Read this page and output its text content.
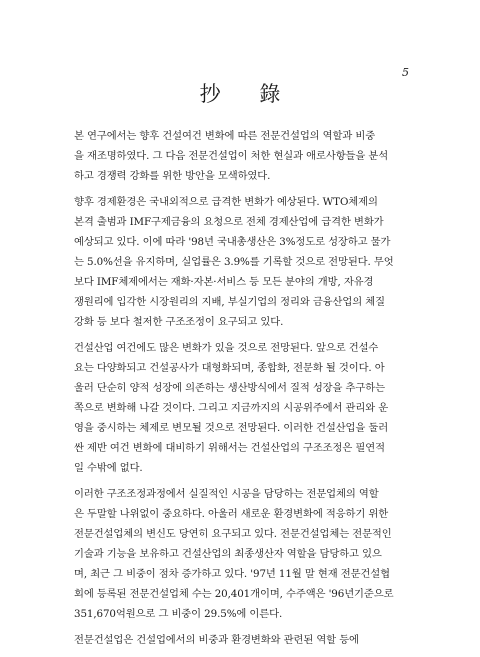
5

抄 錄

본 연구에서는 향후 건설여건 변화에 따른 전문건설업의 역할과 비중
을 재조명하였다. 그 다음 전문건설업이 처한 현실과 애로사항들을 분석
하고 경쟁력 강화를 위한 방안을 모색하였다.

향후 경제환경은 국내외적으로 급격한 변화가 예상된다. WTO체제의
본격 출범과 IMF구제금융의 요청으로 전체 경제산업에 급격한 변화가
예상되고 있다. 이에 따라 '98년 국내총생산은 3%정도로 성장하고 물가
는 5.0%선을 유지하며, 실업률은 3.9%를 기록할 것으로 전망된다. 무엇
보다 IMF체제에서는 재화·자본·서비스 등 모든 분야의 개방, 자유경
쟁원리에 입각한 시장원리의 지배, 부실기업의 정리와 금융산업의 체질
강화 등 보다 철저한 구조조정이 요구되고 있다.

건설산업 여건에도 많은 변화가 있을 것으로 전망된다. 앞으로 건설수
요는 다양화되고 건설공사가 대형화되며, 종합화, 전문화 될 것이다. 아
울러 단순히 양적 성장에 의존하는 생산방식에서 질적 성장을 추구하는
쪽으로 변화해 나갈 것이다. 그리고 지금까지의 시공위주에서 관리와 운
영을 중시하는 체제로 변모될 것으로 전망된다. 이러한 건설산업을 둘러
싼 제반 여건 변화에 대비하기 위해서는 건설산업의 구조조정은 필연적
일 수밖에 없다.

이러한 구조조정과정에서 실질적인 시공을 담당하는 전문업체의 역할
은 두말할 나위없이 중요하다. 아울러 새로운 환경변화에 적응하기 위한
전문건설업체의 변신도 당연히 요구되고 있다. 전문건설업체는 전문적인
기술과 기능을 보유하고 건설산업의 최종생산자 역할을 담당하고 있으
며, 최근 그 비중이 점차 증가하고 있다. '97년 11월 말 현재 전문건설협
회에 등록된 전문건설업체 수는 20,401개이며, 수주액은 '96년기준으로
351,670억원으로 그 비중이 29.5%에 이른다.

전문건설업은 건설업에서의 비중과 환경변화와 관련된 역할 등에
